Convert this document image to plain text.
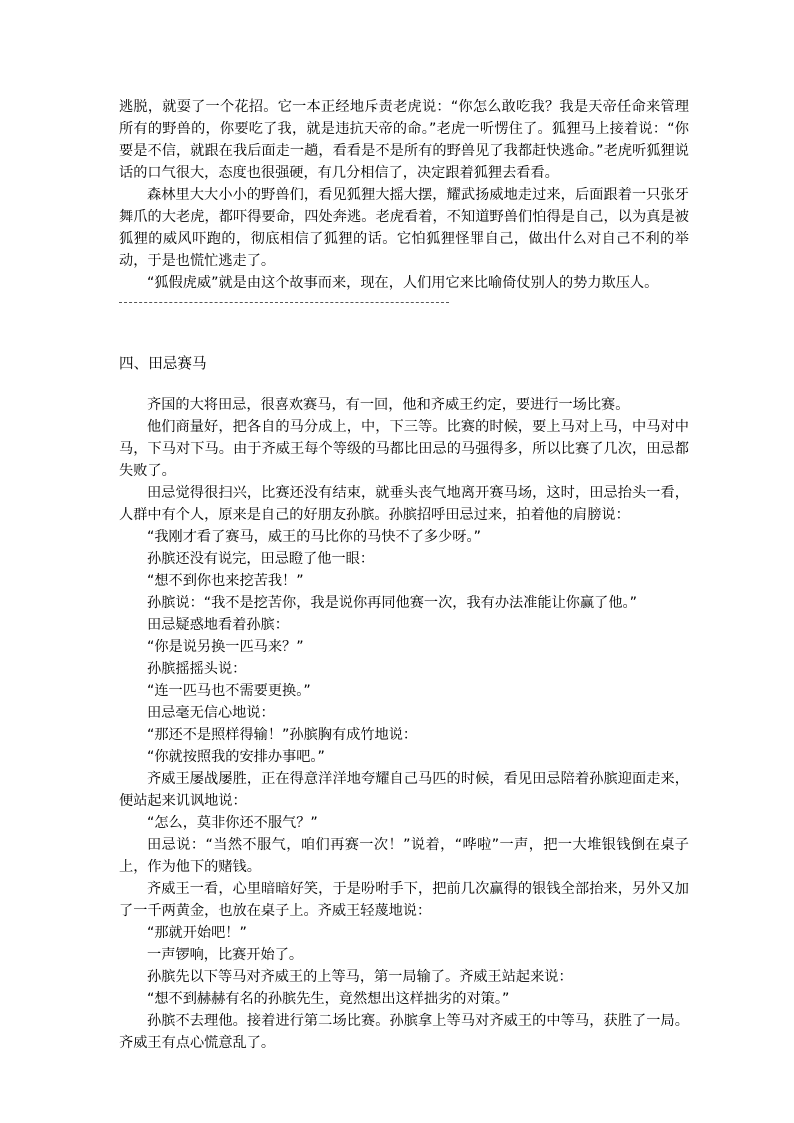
逃脱，就耍了一个花招。它一本正经地斥责老虎说：“你怎么敢吃我？我是天帝任命来管理所有的野兽的，你要吃了我，就是违抗天帝的命。”老虎一听愣住了。狐狸马上接着说：“你要是不信，就跟在我后面走一趟，看看是不是所有的野兽见了我都赶快逃命。”老虎听狐狸说话的口气很大，态度也很强硬，有几分相信了，决定跟着狐狸去看看。

森林里大大小小的野兽们，看见狐狸大摇大摆，耀武扬威地走过来，后面跟着一只张牙舞爪的大老虎，都吓得要命，四处奔逃。老虎看着，不知道野兽们怕得是自己，以为真是被狐狸的威风吓跑的，彻底相信了狐狸的话。它怕狐狸怪罪自己，做出什么对自己不利的举动，于是也慌忙逃走了。

“狐假虎威”就是由这个故事而来，现在，人们用它来比喻倚仗别人的势力欺压人。

四、田忌赛马

齐国的大将田忌，很喜欢赛马，有一回，他和齐威王约定，要进行一场比赛。

他们商量好，把各自的马分成上，中，下三等。比赛的时候，要上马对上马，中马对中马，下马对下马。由于齐威王每个等级的马都比田忌的马强得多，所以比赛了几次，田忌都失败了。

田忌觉得很扫兴，比赛还没有结束，就垂头丧气地离开赛马场，这时，田忌抬头一看，人群中有个人，原来是自己的好朋友孙膑。孙膑招呼田忌过来，拍着他的肩膀说：

“我刚才看了赛马，威王的马比你的马快不了多少呀。”

孙膑还没有说完，田忌瞪了他一眼：

“想不到你也来挖苦我！”

孙膑说：“我不是挖苦你，我是说你再同他赛一次，我有办法准能让你赢了他。”

田忌疑惑地看着孙膑：

“你是说另换一匹马来？”

孙膑摇摇头说：

“连一匹马也不需要更换。”

田忌毫无信心地说：

“那还不是照样得输！”孙膑胸有成竹地说：

“你就按照我的安排办事吧。”

齐威王屡战屡胜，正在得意洋洋地夸耀自己马匹的时候，看见田忌陪着孙膑迎面走来，便站起来讥讽地说：

“怎么，莫非你还不服气？”

田忌说：“当然不服气，咱们再赛一次！”说着，“哗啦”一声，把一大堆银钱倒在桌子上，作为他下的赌钱。

齐威王一看，心里暗暗好笑，于是吩咐手下，把前几次赢得的银钱全部抬来，另外又加了一千两黄金，也放在桌子上。齐威王轻蔑地说：

“那就开始吧！”

一声锣响，比赛开始了。

孙膑先以下等马对齐威王的上等马，第一局输了。齐威王站起来说：

“想不到赫赫有名的孙膑先生，竟然想出这样拙劣的对策。”

孙膑不去理他。接着进行第二场比赛。孙膑拿上等马对齐威王的中等马，获胜了一局。齐威王有点心慌意乱了。
